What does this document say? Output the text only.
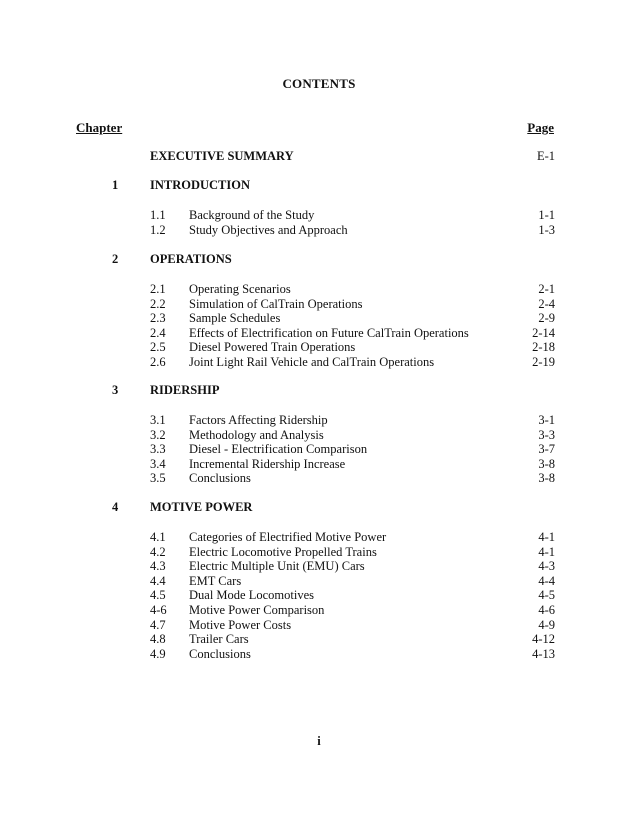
CONTENTS
Chapter	Page
EXECUTIVE SUMMARY	E-1
1	INTRODUCTION
1.1 Background of the Study	1-1
1.2 Study Objectives and Approach	1-3
2	OPERATIONS
2.1 Operating Scenarios	2-1
2.2 Simulation of CalTrain Operations	2-4
2.3 Sample Schedules	2-9
2.4 Effects of Electrification on Future CalTrain Operations	2-14
2.5 Diesel Powered Train Operations	2-18
2.6 Joint Light Rail Vehicle and CalTrain Operations	2-19
3	RIDERSHIP
3.1 Factors Affecting Ridership	3-1
3.2 Methodology and Analysis	3-3
3.3 Diesel - Electrification Comparison	3-7
3.4 Incremental Ridership Increase	3-8
3.5 Conclusions	3-8
4	MOTIVE POWER
4.1 Categories of Electrified Motive Power	4-1
4.2 Electric Locomotive Propelled Trains	4-1
4.3 Electric Multiple Unit (EMU) Cars	4-3
4.4 EMT Cars	4-4
4.5 Dual Mode Locomotives	4-5
4-6 Motive Power Comparison	4-6
4.7 Motive Power Costs	4-9
4.8 Trailer Cars	4-12
4.9 Conclusions	4-13
i
